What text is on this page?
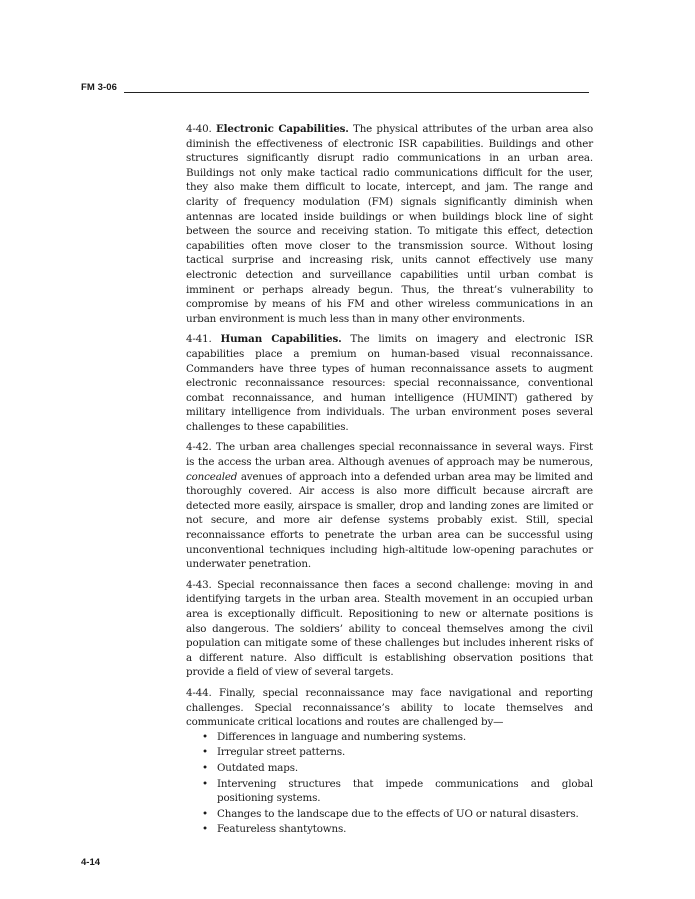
FM 3-06

4-40. Electronic Capabilities. The physical attributes of the urban area also diminish the effectiveness of electronic ISR capabilities. Buildings and other structures significantly disrupt radio communications in an urban area. Buildings not only make tactical radio communications difficult for the user, they also make them difficult to locate, intercept, and jam. The range and clarity of frequency modulation (FM) signals significantly diminish when antennas are located inside buildings or when buildings block line of sight between the source and receiving station. To mitigate this effect, detection capabilities often move closer to the transmission source. Without losing tactical surprise and increasing risk, units cannot effectively use many electronic detection and surveillance capabilities until urban combat is imminent or perhaps already begun. Thus, the threat’s vulnerability to compromise by means of his FM and other wireless communications in an urban environment is much less than in many other environments.

4-41. Human Capabilities. The limits on imagery and electronic ISR capabilities place a premium on human-based visual reconnaissance. Commanders have three types of human reconnaissance assets to augment electronic reconnaissance resources: special reconnaissance, conventional combat reconnaissance, and human intelligence (HUMINT) gathered by military intelligence from individuals. The urban environment poses several challenges to these capabilities.

4-42. The urban area challenges special reconnaissance in several ways. First is the access the urban area. Although avenues of approach may be numerous, concealed avenues of approach into a defended urban area may be limited and thoroughly covered. Air access is also more difficult because aircraft are detected more easily, airspace is smaller, drop and landing zones are limited or not secure, and more air defense systems probably exist. Still, special reconnaissance efforts to penetrate the urban area can be successful using unconventional techniques including high-altitude low-opening parachutes or underwater penetration.

4-43. Special reconnaissance then faces a second challenge: moving in and identifying targets in the urban area. Stealth movement in an occupied urban area is exceptionally difficult. Repositioning to new or alternate positions is also dangerous. The soldiers’ ability to conceal themselves among the civil population can mitigate some of these challenges but includes inherent risks of a different nature. Also difficult is establishing observation positions that provide a field of view of several targets.

4-44. Finally, special reconnaissance may face navigational and reporting challenges. Special reconnaissance’s ability to locate themselves and communicate critical locations and routes are challenged by—

• Differences in language and numbering systems.
• Irregular street patterns.
• Outdated maps.
• Intervening structures that impede communications and global positioning systems.
• Changes to the landscape due to the effects of UO or natural disasters.
• Featureless shantytowns.
4-14
